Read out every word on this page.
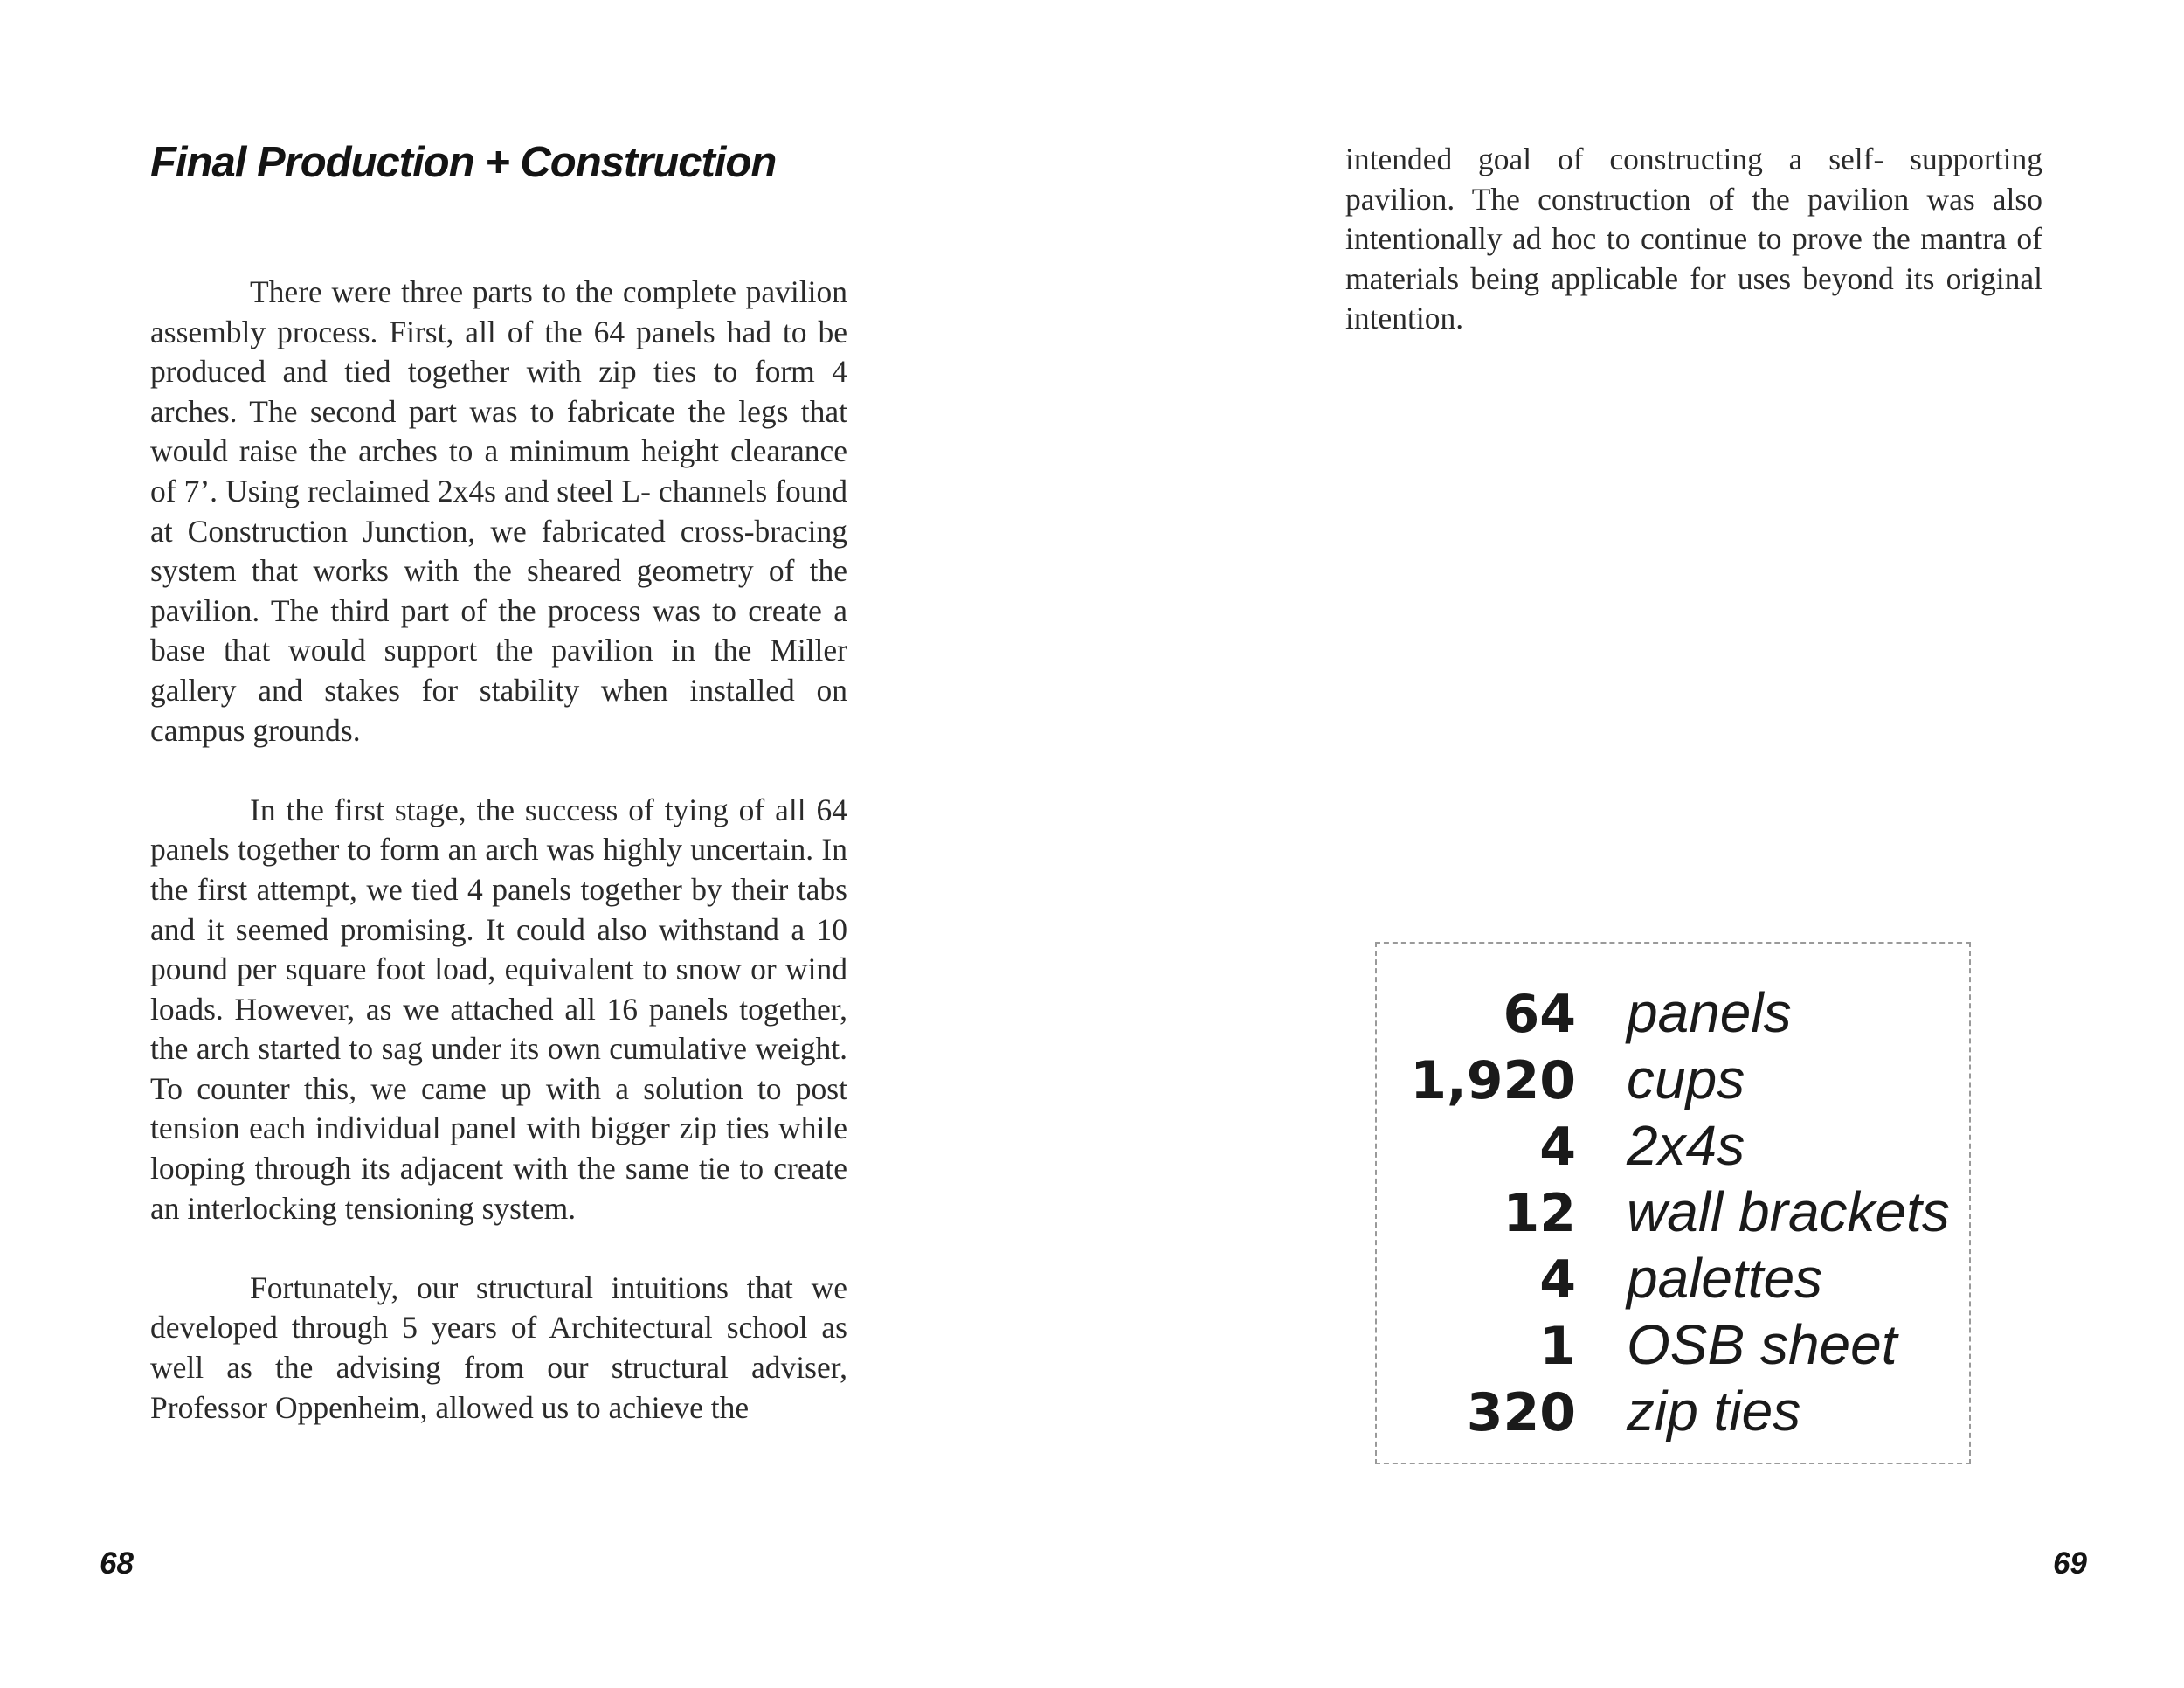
Final Production + Construction

There were three parts to the complete pavilion assembly process. First, all of the 64 panels had to be produced and tied together with zip ties to form 4 arches. The second part was to fabricate the legs that would raise the arches to a minimum height clearance of 7’. Using reclaimed 2x4s and steel L- channels found at Construction Junction, we fabricated cross-bracing system that works with the sheared geometry of the pavilion. The third part of the process was to create a base that would support the pavilion in the Miller gallery and stakes for stability when installed on campus grounds.

In the first stage, the success of tying of all 64 panels together to form an arch was highly uncertain. In the first attempt, we tied 4 panels together by their tabs and it seemed promising. It could also withstand a 10 pound per square foot load, equivalent to snow or wind loads. However, as we attached all 16 panels together, the arch started to sag under its own cumulative weight. To counter this, we came up with a solution to post tension each individual panel with bigger zip ties while looping through its adjacent with the same tie to create an interlocking tensioning system.

Fortunately, our structural intuitions that we developed through 5 years of Architectural school as well as the advising from our structural adviser, Professor Oppenheim, allowed us to achieve the

68

intended goal of constructing a self- supporting pavilion. The construction of the pavilion was also intentionally ad hoc to continue to prove the mantra of materials being applicable for uses beyond its original intention.

64 panels
1,920 cups
4 2x4s
12 wall brackets
4 palettes
1 OSB sheet
320 zip ties
69
